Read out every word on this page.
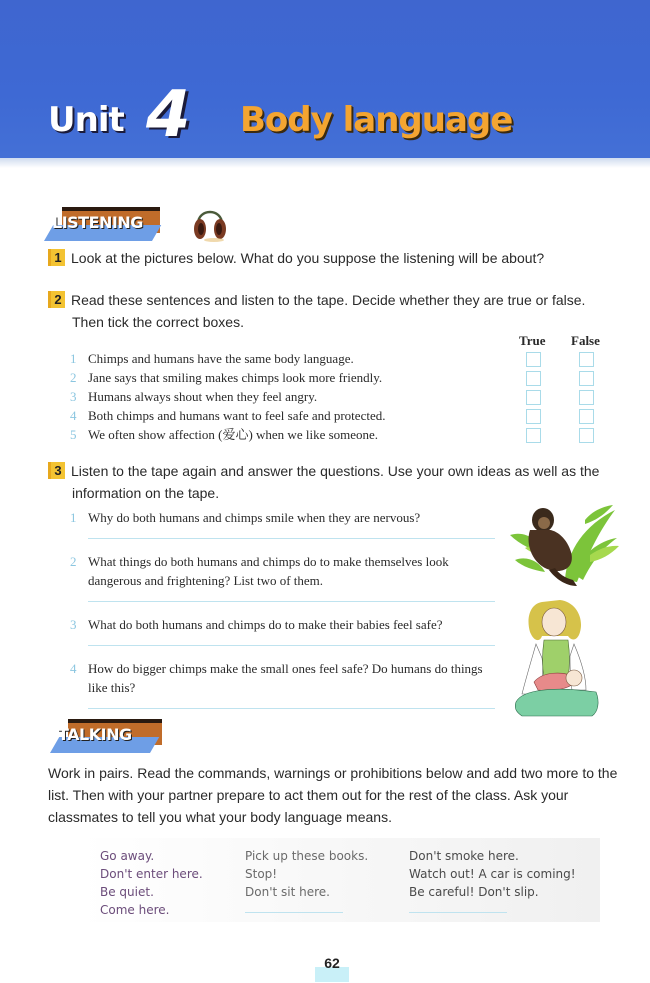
Unit 4 Body language
LISTENING
1 Look at the pictures below. What do you suppose the listening will be about?
2 Read these sentences and listen to the tape. Decide whether they are true or false.
Then tick the correct boxes.
True False
1 Chimps and humans have the same body language.
2 Jane says that smiling makes chimps look more friendly.
3 Humans always shout when they feel angry.
4 Both chimps and humans want to feel safe and protected.
5 We often show affection (爱心) when we like someone.
3 Listen to the tape again and answer the questions. Use your own ideas as well as the
information on the tape.
1 Why do both humans and chimps smile when they are nervous?
2 What things do both humans and chimps do to make themselves look dangerous and frightening? List two of them.
3 What do both humans and chimps do to make their babies feel safe?
4 How do bigger chimps make the small ones feel safe? Do humans do things like this?
TALKING
Work in pairs. Read the commands, warnings or prohibitions below and add two more to the list. Then with your partner prepare to act them out for the rest of the class. Ask your classmates to tell you what your body language means.
Go away.
Don't enter here.
Be quiet.
Come here.
Pick up these books.
Stop!
Don't sit here.
Don't smoke here.
Watch out! A car is coming!
Be careful! Don't slip.
62
